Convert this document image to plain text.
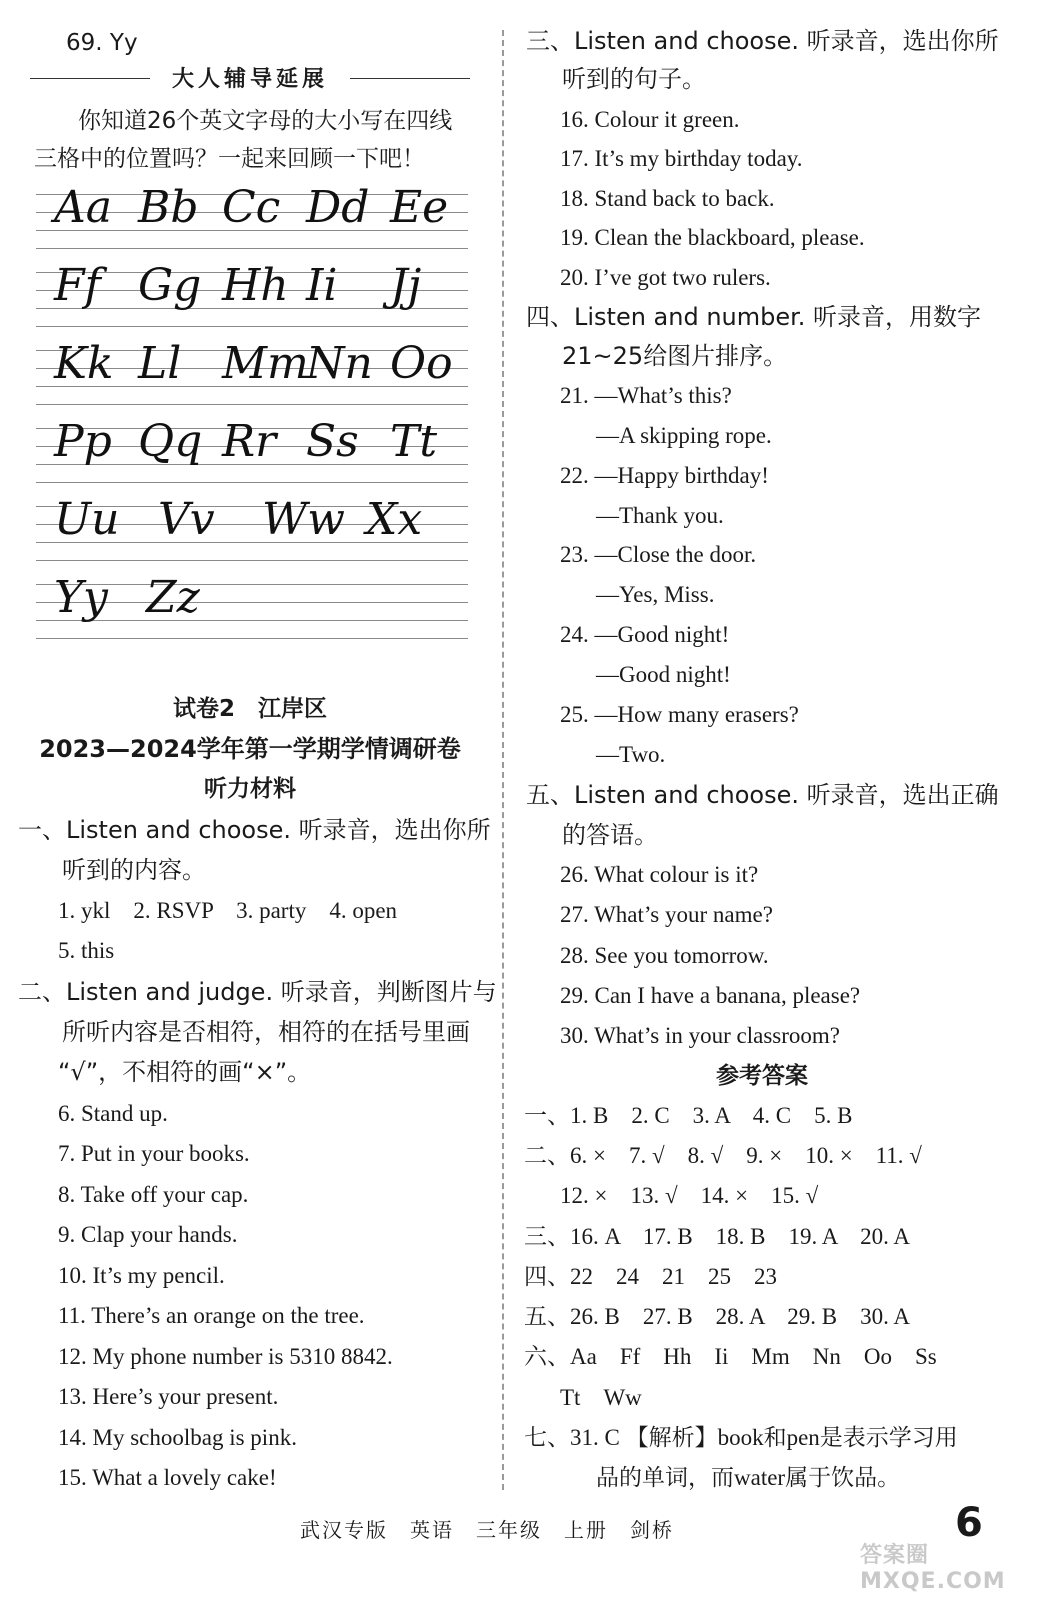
69. Yy
大人辅导延展
你知道26个英文字母的大小写在四线
三格中的位置吗？一起来回顾一下吧！
Aa Bb Cc Dd Ee
Ff Gg Hh Ii Jj
Kk Ll MmNn Oo
Pp Qq Rr Ss Tt
Uu Vv Ww Xx
Yy Zz
试卷2　江岸区
2023—2024学年第一学期学情调研卷
听力材料
一、Listen and choose. 听录音，选出你所
听到的内容。
1. ykl　2. RSVP　3. party　4. open
5. this
二、Listen and judge. 听录音，判断图片与
所听内容是否相符，相符的在括号里画
“√”，不相符的画“×”。
6. Stand up.
7. Put in your books.
8. Take off your cap.
9. Clap your hands.
10. It’s my pencil.
11. There’s an orange on the tree.
12. My phone number is 5310 8842.
13. Here’s your present.
14. My schoolbag is pink.
15. What a lovely cake!
三、Listen and choose. 听录音，选出你所
听到的句子。
16. Colour it green.
17. It’s my birthday today.
18. Stand back to back.
19. Clean the blackboard, please.
20. I’ve got two rulers.
四、Listen and number. 听录音，用数字
21~25给图片排序。
21. —What’s this?
—A skipping rope.
22. —Happy birthday!
—Thank you.
23. —Close the door.
—Yes, Miss.
24. —Good night!
—Good night!
25. —How many erasers?
—Two.
五、Listen and choose. 听录音，选出正确
的答语。
26. What colour is it?
27. What’s your name?
28. See you tomorrow.
29. Can I have a banana, please?
30. What’s in your classroom?
参考答案
一、1. B　2. C　3. A　4. C　5. B
二、6. ×　7. √　8. √　9. ×　10. ×　11. √
12. ×　13. √　14. ×　15. √
三、16. A　17. B　18. B　19. A　20. A
四、22　24　21　25　23
五、26. B　27. B　28. A　29. B　30. A
六、Aa　Ff　Hh　Ii　Mm　Nn　Oo　Ss
Tt　Ww
七、31. C 【解析】book和pen是表示学习用
品的单词，而water属于饮品。
武汉专版　英语　三年级　上册　剑桥	6
答案圈 MXQE.COM
